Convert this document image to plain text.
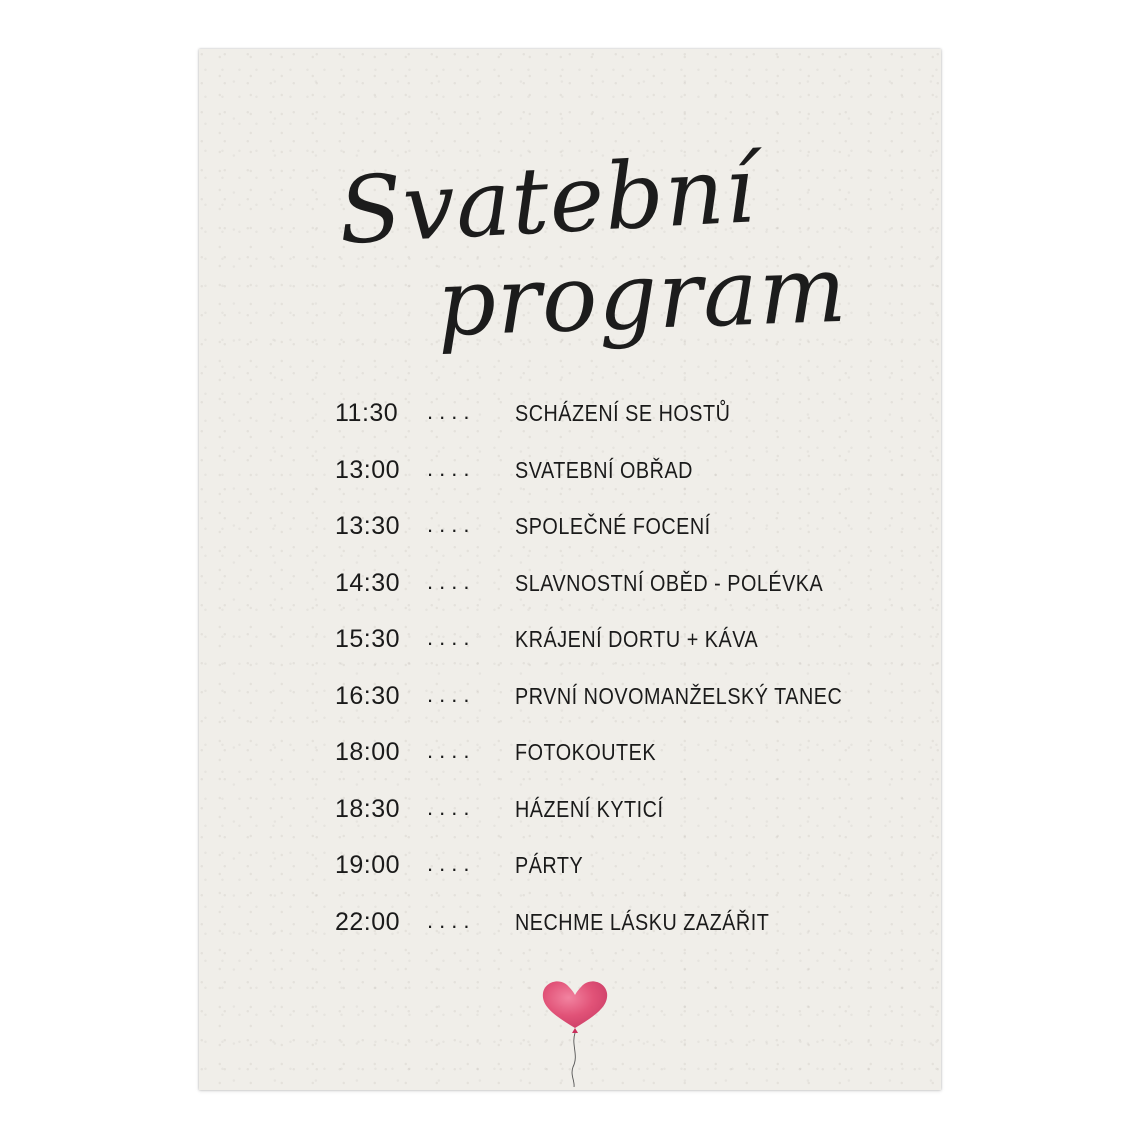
Svatební
program
11:30 .... SCHÁZENÍ SE HOSTŮ
13:00 .... SVATEBNÍ OBŘAD
13:30 .... SPOLEČNÉ FOCENÍ
14:30 .... SLAVNOSTNÍ OBĚD - POLÉVKA
15:30 .... KRÁJENÍ DORTU + KÁVA
16:30 .... PRVNÍ NOVOMANŽELSKÝ TANEC
18:00 .... FOTOKOUTEK
18:30 .... HÁZENÍ KYTICÍ
19:00 .... PÁRTY
22:00 .... NECHME LÁSKU ZAZÁŘIT
